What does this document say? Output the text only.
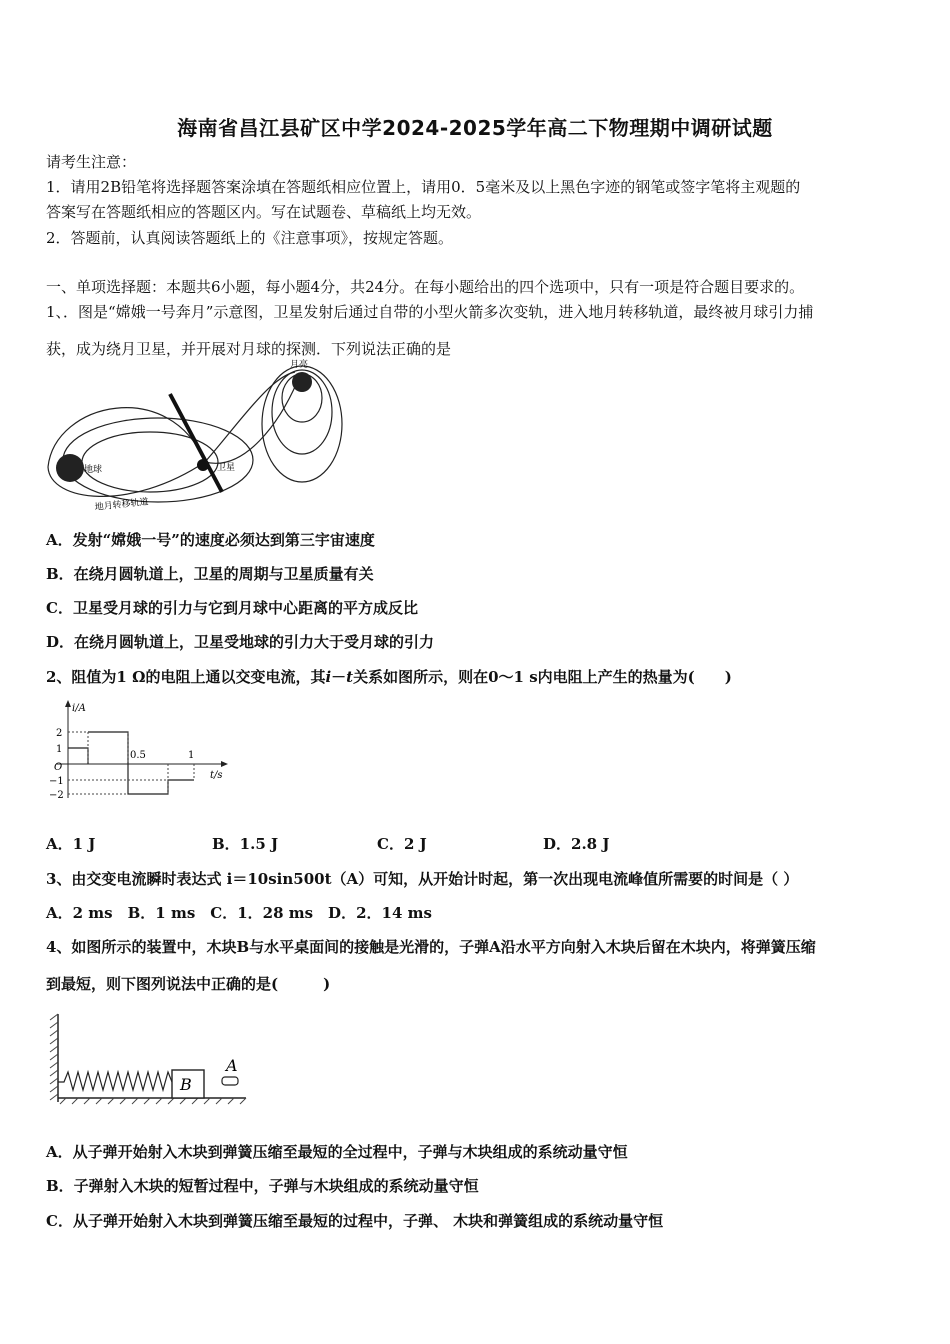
海南省昌江县矿区中学2024-2025学年高二下物理期中调研试题
请考生注意：
1．请用2B铅笔将选择题答案涂填在答题纸相应位置上，请用0．5毫米及以上黑色字迹的钢笔或签字笔将主观题的
答案写在答题纸相应的答题区内。写在试题卷、草稿纸上均无效。
2．答题前，认真阅读答题纸上的《注意事项》，按规定答题。
一、单项选择题：本题共6小题，每小题4分，共24分。在每小题给出的四个选项中，只有一项是符合题目要求的。
1、．图是“嫦娥一号奔月”示意图，卫星发射后通过自带的小型火箭多次变轨，进入地月转移轨道，最终被月球引力捕
获，成为绕月卫星，并开展对月球的探测．下列说法正确的是
地球	卫星
月亮
地月转移轨道
A．发射“嫦娥一号”的速度必须达到第三宇宙速度
B．在绕月圆轨道上，卫星的周期与卫星质量有关
C．卫星受月球的引力与它到月球中心距离的平方成反比
D．在绕月圆轨道上，卫星受地球的引力大于受月球的引力
2、阻值为1 Ω的电阻上通以交变电流，其i－t关系如图所示，则在0～1 s内电阻上产生的热量为(　　)
i/A
t/s
O
2
1
−1
−2
0.5	1
A．1 J	B．1.5 J	C．2 J	D．2.8 J
3、由交变电流瞬时表达式 i＝10sin500t（A）可知，从开始计时起，第一次出现电流峰值所需要的时间是（ ）
A．2 ms　B．1 ms　C．1．28 ms　D．2．14 ms
4、如图所示的装置中，木块B与水平桌面间的接触是光滑的，子弹A沿水平方向射入木块后留在木块内，将弹簧压缩
到最短，则下图列说法中正确的是(　　　)
B
A
A．从子弹开始射入木块到弹簧压缩至最短的全过程中，子弹与木块组成的系统动量守恒
B．子弹射入木块的短暂过程中，子弹与木块组成的系统动量守恒
C．从子弹开始射入木块到弹簧压缩至最短的过程中，子弹、 木块和弹簧组成的系统动量守恒
